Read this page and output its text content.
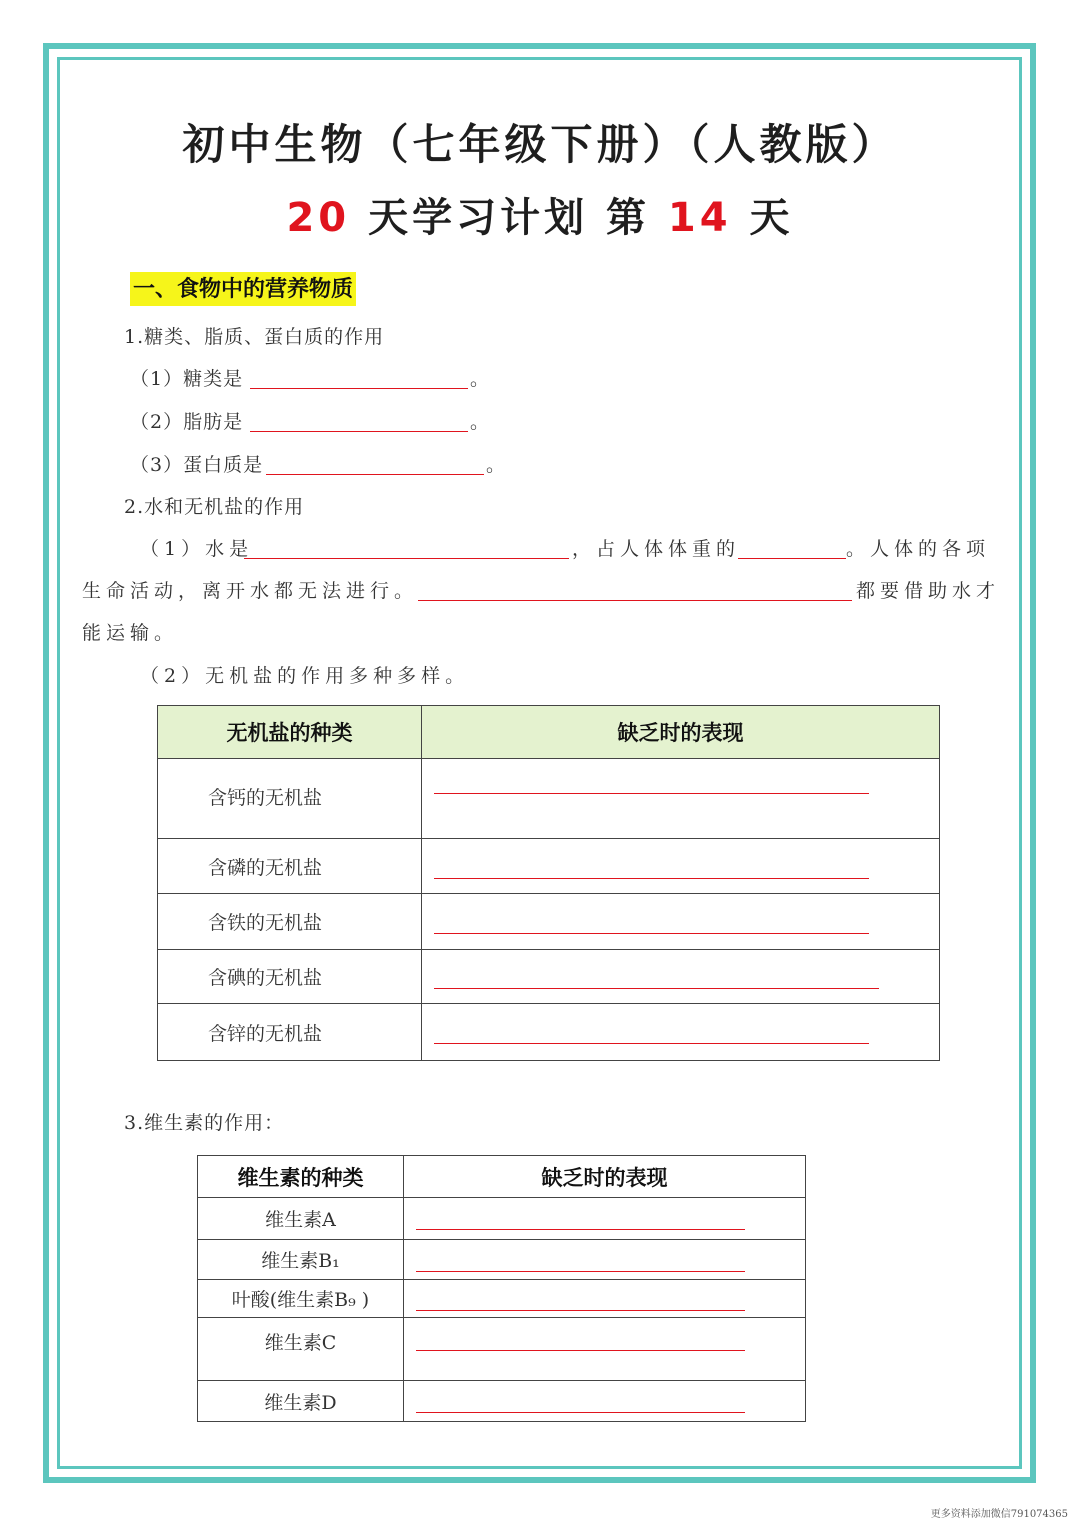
初中生物（七年级下册）（人教版）
20 天学习计划 第 14 天
一、食物中的营养物质
1.糖类、脂质、蛋白质的作用
（1）糖类是	。
（2）脂肪是	。
（3）蛋白质是	。
2.水和无机盐的作用
（1）水是	，占人体体重的	。人体的各项
生命活动，离开水都无法进行。	都要借助水才
能运输。
（2）无机盐的作用多种多样。
无机盐的种类	缺乏时的表现
含钙的无机盐	

含磷的无机盐	

含铁的无机盐	

含碘的无机盐	

含锌的无机盐	
3.维生素的作用：
维生素的种类	缺乏时的表现
维生素A	

维生素B₁	

叶酸(维生素B₉ )	

维生素C	

维生素D	
更多资料添加微信791074365
